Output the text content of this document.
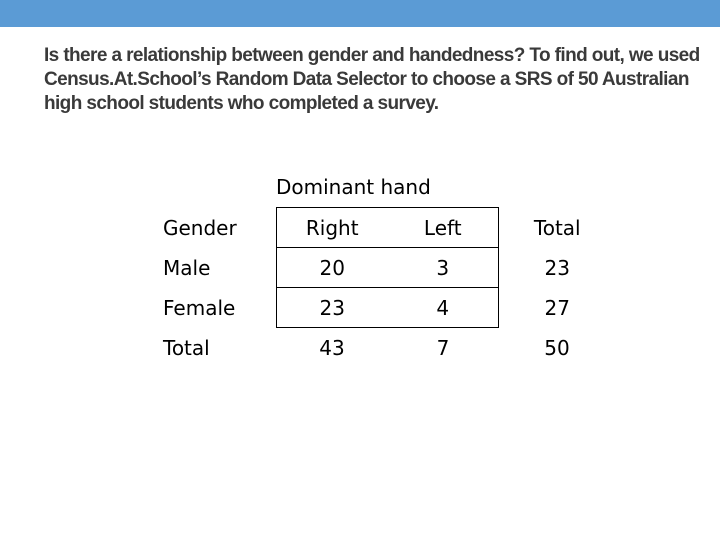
Is there a relationship between gender and handedness? To find out, we used Census.At.School’s Random Data Selector to choose a SRS of 50 Australian high school students who completed a survey.

Dominant hand
Gender	Right	Left	Total
Male	20	3	23
Female	23	4	27
Total	43	7	50
